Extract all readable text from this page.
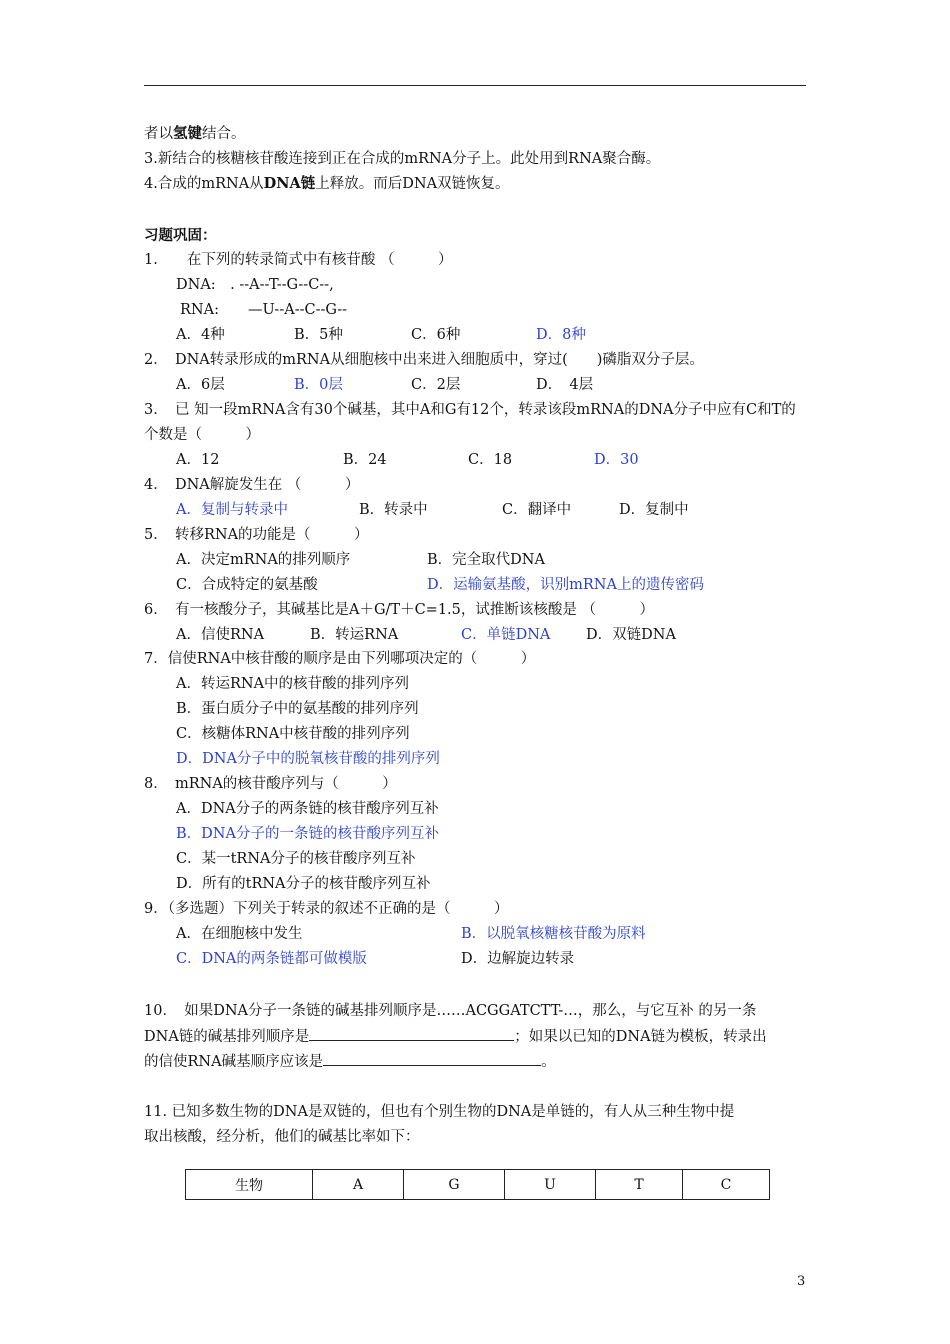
者以氢键结合。
3.新结合的核糖核苷酸连接到正在合成的mRNA分子上。此处用到RNA聚合酶。
4.合成的mRNA从DNA链上释放。而后DNA双链恢复。
习题巩固：
1.　　在下列的转录简式中有核苷酸 （　　　）
DNA:　. --A--T--G--C--,
RNA:　　—U--A--C--G--
A．4种	B．5种	C．6种	D．8种
2．　DNA转录形成的mRNA从细胞核中出来进入细胞质中，穿过(　　)磷脂双分子层。
A．6层	B．0层	C．2层	D．　4层
3．　已 知一段mRNA含有30个碱基，其中A和G有12个，转录该段mRNA的DNA分子中应有C和T的
个数是（　　　）
A．12	B．24	C．18	D．30
4．　DNA解旋发生在 （　　　）
A．复制与转录中	B．转录中	C．翻译中	D．复制中
5．　转移RNA的功能是（　　　）
A．决定mRNA的排列顺序	B．完全取代DNA
C．合成特定的氨基酸	D．运输氨基酸，识别mRNA上的遗传密码
6．　有一核酸分子，其碱基比是A＋G/T＋C=1.5，试推断该核酸是 （　　　）
A．信使RNA	B．转运RNA	C．单链DNA D．双链DNA
7．信使RNA中核苷酸的顺序是由下列哪项决定的（　　　）
A．转运RNA中的核苷酸的排列序列
B．蛋白质分子中的氨基酸的排列序列
C．核糖体RNA中核苷酸的排列序列
D．DNA分子中的脱氧核苷酸的排列序列
8．　mRNA的核苷酸序列与（　　　）
A．DNA分子的两条链的核苷酸序列互补
B．DNA分子的一条链的核苷酸序列互补
C．某一tRNA分子的核苷酸序列互补
D．所有的tRNA分子的核苷酸序列互补
9．（多选题）下列关于转录的叙述不正确的是（　　　）
A．在细胞核中发生	B．以脱氧核糖核苷酸为原料
C．DNA的两条链都可做模版	D．边解旋边转录
10．　如果DNA分子一条链的碱基排列顺序是……ACGGATCTT-…，那么，与它互补 的另一条
DNA链的碱基排列顺序是	；如果以已知的DNA链为模板，转录出
的信使RNA碱基顺序应该是	。
11. 已知多数生物的DNA是双链的，但也有个别生物的DNA是单链的，有人从三种生物中提
取出核酸，经分析，他们的碱基比率如下：
生物	A	G	U	T	C
3
